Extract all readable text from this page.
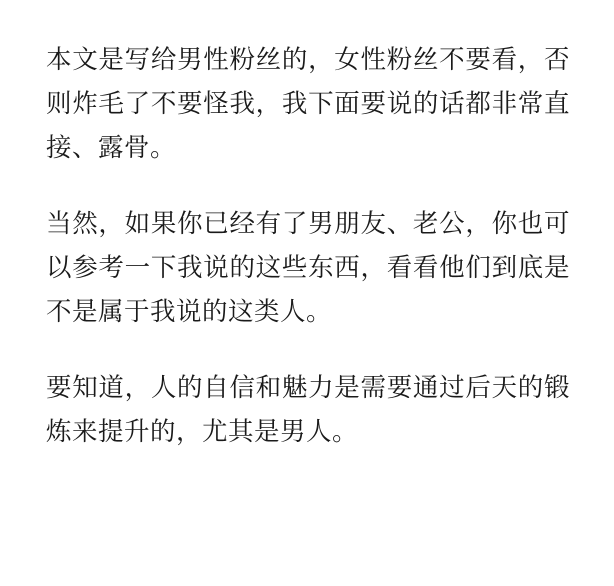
本文是写给男性粉丝的，女性粉丝不要看，否则炸毛了不要怪我，我下面要说的话都非常直接、露骨。

当然，如果你已经有了男朋友、老公，你也可以参考一下我说的这些东西，看看他们到底是不是属于我说的这类人。

要知道，人的自信和魅力是需要通过后天的锻炼来提升的，尤其是男人。
